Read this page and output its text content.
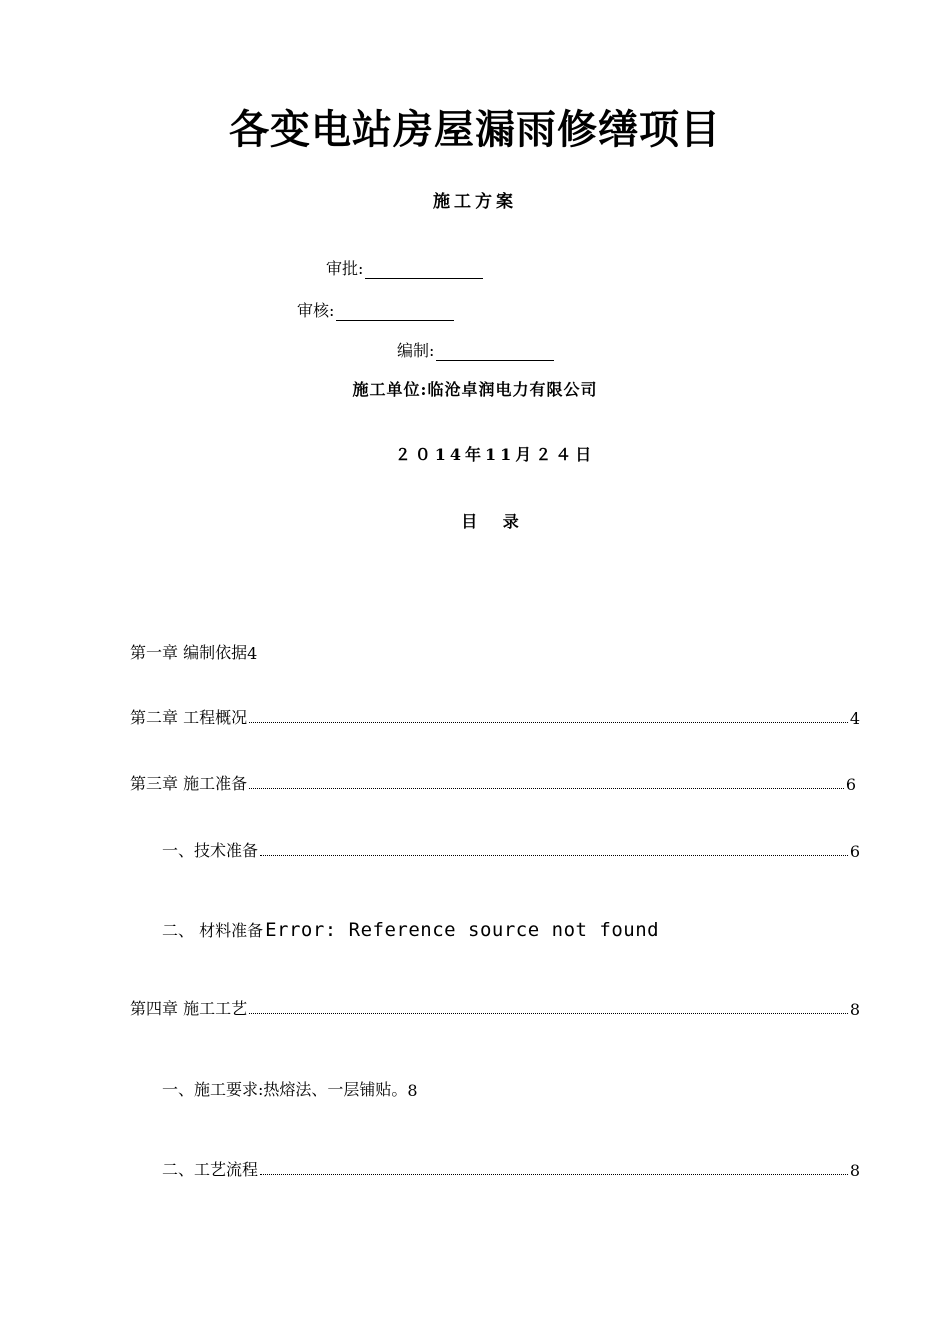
各变电站房屋漏雨修缮项目
施工方案
审批:
审核:
编制:
施工单位:临沧卓润电力有限公司
２０14年11月２４日
目 录
第一章 编制依据 4
第二章 工程概况	4
第三章 施工准备	6
一、技术准备	6
二、 材料准备 Error: Reference source not found
第四章 施工工艺	8
一、施工要求:热熔法、一层铺贴。 8
二、工艺流程	8
